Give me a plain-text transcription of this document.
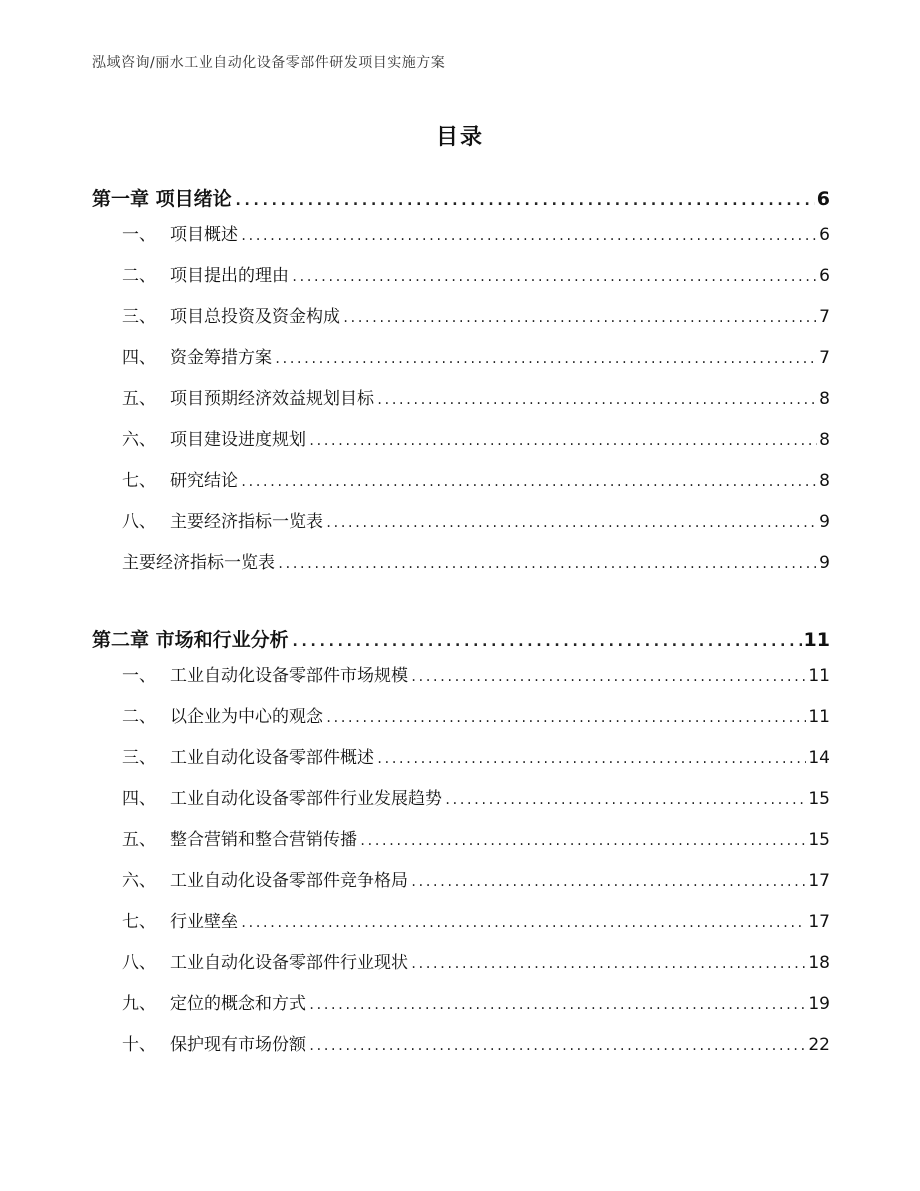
泓域咨询/丽水工业自动化设备零部件研发项目实施方案
目录
第一章 项目绪论 .....	6
一、 项目概述 .....	6
二、 项目提出的理由 .....	6
三、 项目总投资及资金构成 .....	7
四、 资金筹措方案 .....	7
五、 项目预期经济效益规划目标 .....	8
六、 项目建设进度规划 .....	8
七、 研究结论 .....	8
八、 主要经济指标一览表 .....	9
主要经济指标一览表 .....	9
第二章 市场和行业分析 .....	11
一、 工业自动化设备零部件市场规模 .....	11
二、 以企业为中心的观念 .....	11
三、 工业自动化设备零部件概述 .....	14
四、 工业自动化设备零部件行业发展趋势 .....	15
五、 整合营销和整合营销传播 .....	15
六、 工业自动化设备零部件竞争格局 .....	17
七、 行业壁垒 .....	17
八、 工业自动化设备零部件行业现状 .....	18
九、 定位的概念和方式 .....	19
十、 保护现有市场份额 .....	22
